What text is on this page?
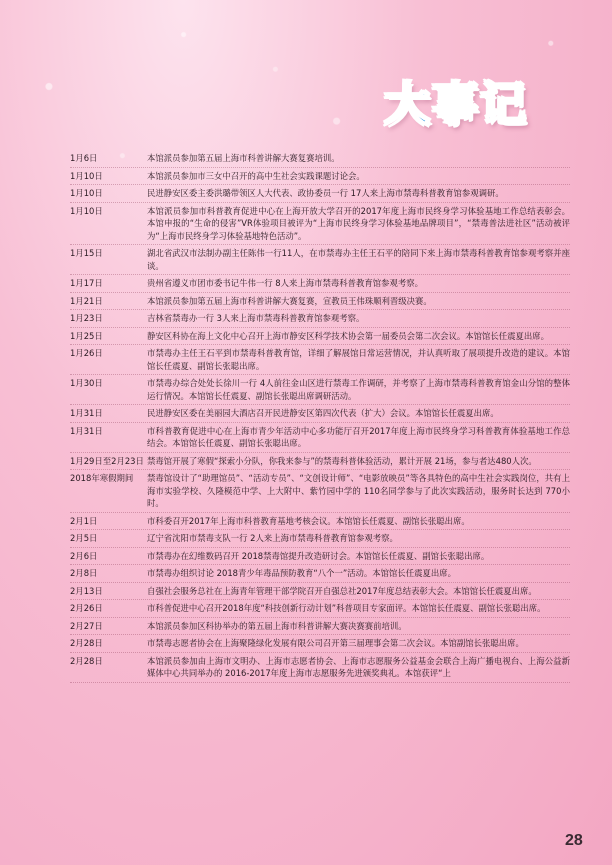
大事记
1月6日	本馆派员参加第五届上海市科普讲解大赛复赛培训。
1月10日	本馆派员参加市三女中召开的高中生社会实践课题讨论会。
1月10日	民进静安区委主委洪璐带领区人大代表、政协委员一行 17人来上海市禁毒科普教育馆参观调研。
1月10日	本馆派员参加市科普教育促进中心在上海开放大学召开的2017年度上海市民终身学习体验基地工作总结表彰会。本馆申报的“生命的侵害”VR体验项目被评为“上海市民终身学习体验基地品牌项目”，“禁毒普法进社区”活动被评为“上海市民终身学习体验基地特色活动”。
1月15日	湖北省武汉市法制办副主任陈伟一行11人，在市禁毒办主任王石平的陪同下来上海市禁毒科普教育馆参观考察并座谈。
1月17日	贵州省遵义市团市委书记牛伟一行 8人来上海市禁毒科普教育馆参观考察。
1月21日	本馆派员参加第五届上海市科普讲解大赛复赛，宣教员王伟珠顺利晋级决赛。
1月23日	吉林省禁毒办一行 3人来上海市禁毒科普教育馆参观考察。
1月25日	静安区科协在海上文化中心召开上海市静安区科学技术协会第一届委员会第二次会议。本馆馆长任震夏出席。
1月26日	市禁毒办主任王石平到市禁毒科普教育馆，详细了解展馆日常运营情况，并认真听取了展项提升改造的建议。本馆馆长任震夏、副馆长张聪出席。
1月30日	市禁毒办综合处处长徐川一行 4人前往金山区进行禁毒工作调研，并考察了上海市禁毒科普教育馆金山分馆的整体运行情况。本馆馆长任震夏、副馆长张聪出席调研活动。
1月31日	民进静安区委在美丽园大酒店召开民进静安区第四次代表（扩大）会议。本馆馆长任震夏出席。
1月31日	市科普教育促进中心在上海市青少年活动中心多功能厅召开2017年度上海市民终身学习科普教育体验基地工作总结会。本馆馆长任震夏、副馆长张聪出席。
1月29日至2月23日 禁毒馆开展了寒假“探索小分队，你我来参与”的禁毒科普体验活动，累计开展 21场，参与者达480人次。
2018年寒假期间	禁毒馆设计了“助理馆员”、“活动专员”、“文创设计师”、“电影放映员”等各具特色的高中生社会实践岗位，共有上海市实验学校、久隆模范中学、上大附中、紫竹园中学的 110名同学参与了此次实践活动，服务时长达到 770小时。
2月1日	市科委召开2017年上海市科普教育基地考核会议。本馆馆长任震夏、副馆长张聪出席。
2月5日	辽宁省沈阳市禁毒支队一行 2人来上海市禁毒科普教育馆参观考察。
2月6日	市禁毒办在幻维数码召开 2018禁毒馆提升改造研讨会。本馆馆长任震夏、副馆长张聪出席。
2月8日	市禁毒办组织讨论 2018青少年毒品预防教育“八个一”活动。本馆馆长任震夏出席。
2月13日	自强社会服务总社在上海青年管理干部学院召开自强总社2017年度总结表彰大会。本馆馆长任震夏出席。
2月26日	市科普促进中心召开2018年度“科技创新行动计划”科普项目专家面评。本馆馆长任震夏、副馆长张聪出席。
2月27日	本馆派员参加区科协举办的第五届上海市科普讲解大赛决赛赛前培训。
2月28日	市禁毒志愿者协会在上海聚隆绿化发展有限公司召开第三届理事会第二次会议。本馆副馆长张聪出席。
2月28日	本馆派员参加由上海市文明办、上海市志愿者协会、上海市志愿服务公益基金会联合上海广播电视台、上海公益新媒体中心共同举办的 2016-2017年度上海市志愿服务先进颁奖典礼。本馆获评“上
28
